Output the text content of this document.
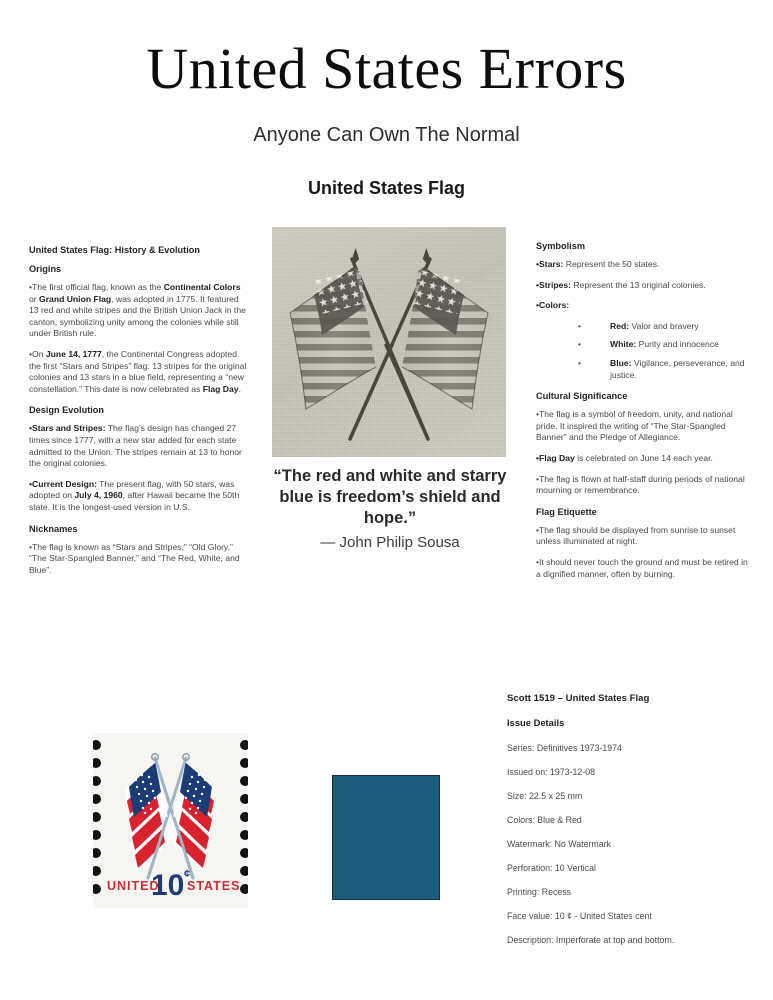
United States Errors
Anyone Can Own The Normal
United States Flag
United States Flag: History & Evolution
Origins

•The first official flag, known as the Continental Colors or Grand Union Flag, was adopted in 1775. It featured 13 red and white stripes and the British Union Jack in the canton, symbolizing unity among the colonies while still under British rule.

•On June 14, 1777, the Continental Congress adopted the first “Stars and Stripes” flag: 13 stripes for the original colonies and 13 stars in a blue field, representing a “new constellation.” This date is now celebrated as Flag Day.

Design Evolution

•Stars and Stripes: The flag’s design has changed 27 times since 1777, with a new star added for each state admitted to the Union. The stripes remain at 13 to honor the original colonies.

•Current Design: The present flag, with 50 stars, was adopted on July 4, 1960, after Hawaii became the 50th state. It is the longest-used version in U.S.

Nicknames

•The flag is known as “Stars and Stripes,” “Old Glory,” “The Star-Spangled Banner,” and “The Red, White, and Blue”.

“The red and white and starry blue is freedom’s shield and hope.”
— John Philip Sousa
Symbolism

•Stars: Represent the 50 states.

•Stripes: Represent the 13 original colonies.

•Colors:

•	Red: Valor and bravery
•	White: Purity and innocence
•	Blue: Vigilance, perseverance, and justice.
Cultural Significance

•The flag is a symbol of freedom, unity, and national pride. It inspired the writing of “The Star-Spangled Banner” and the Pledge of Allegiance.

•Flag Day is celebrated on June 14 each year.

•The flag is flown at half-staff during periods of national mourning or remembrance.

Flag Etiquette

•The flag should be displayed from sunrise to sunset unless illuminated at night.

•It should never touch the ground and must be retired in a dignified manner, often by burning.

UNITED STATES
10 ¢
Scott 1519 – United States Flag
Issue Details
Series: Definitives 1973-1974
Issued on: 1973-12-08
Size: 22.5 x 25 mm
Colors: Blue & Red
Watermark: No Watermark
Perforation: 10 Vertical
Printing: Recess
Face value: 10 ¢ - United States cent
Description: Imperforate at top and bottom.
